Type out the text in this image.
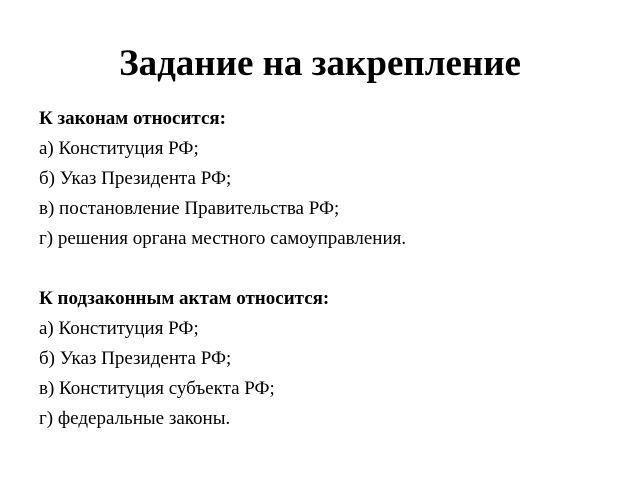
Задание на закрепление
К законам относится:
а) Конституция РФ;
б) Указ Президента РФ;
в) постановление Правительства РФ;
г) решения органа местного самоуправления.
К подзаконным актам относится:
а) Конституция РФ;
б) Указ Президента РФ;
в) Конституция субъекта РФ;
г) федеральные законы.
